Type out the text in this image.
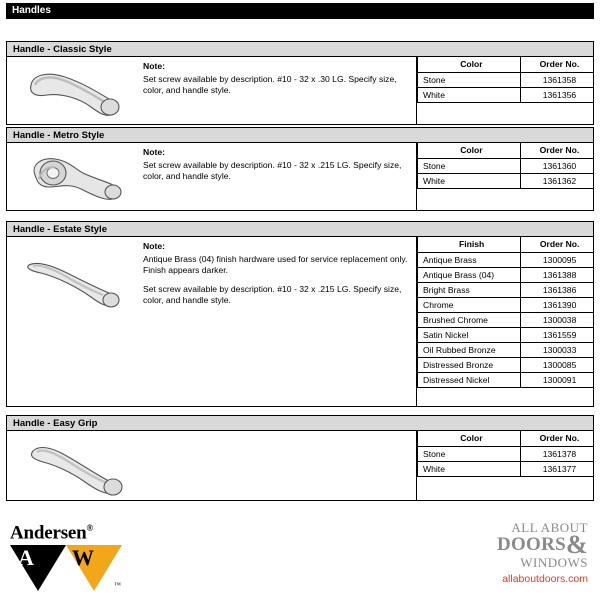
Handles
Handle - Classic Style
Note:

Set screw available by description. #10 - 32 x .30 LG. Specify size, color, and handle style.

Color	Order No.
Stone	1361358
White	1361356
Handle - Metro Style
Note:

Set screw available by description. #10 - 32 x .215 LG. Specify size, color, and handle style.

Color	Order No.
Stone	1361360
White	1361362
Handle - Estate Style
Note:

Antique Brass (04) finish hardware used for service replacement only. Finish appears darker.

Set screw available by description. #10 - 32 x .215 LG. Specify size, color, and handle style.

Finish	Order No.
Antique Brass	1300095
Antique Brass (04)	1361388
Bright Brass	1361386
Chrome	1361390
Brushed Chrome	1300038
Satin Nickel	1361559
Oil Rubbed Bronze	1300033
Distressed Bronze	1300085
Distressed Nickel	1300091
Handle - Easy Grip
Color	Order No.
Stone	1361378
White	1361377
Andersen®
A W
™
ALL ABOUT
DOORS&
WINDOWS
allaboutdoors.com
